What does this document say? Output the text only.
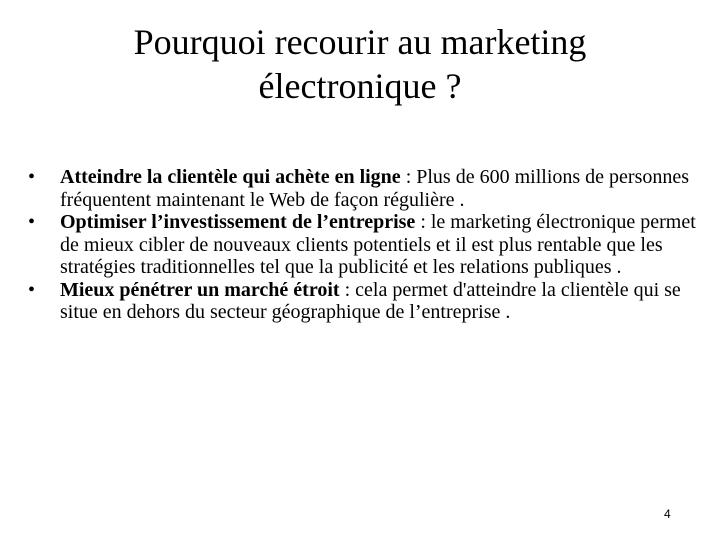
Pourquoi recourir au marketing
électronique ?
• Atteindre la clientèle qui achète en ligne : Plus de 600 millions de personnes fréquentent maintenant le Web de façon régulière .
• Optimiser l’investissement de l’entreprise : le marketing électronique permet de mieux cibler de nouveaux clients potentiels et il est plus rentable que les stratégies traditionnelles tel que la publicité et les relations publiques .
• Mieux pénétrer un marché étroit : cela permet d'atteindre la clientèle qui se situe en dehors du secteur géographique de l’entreprise .
4
